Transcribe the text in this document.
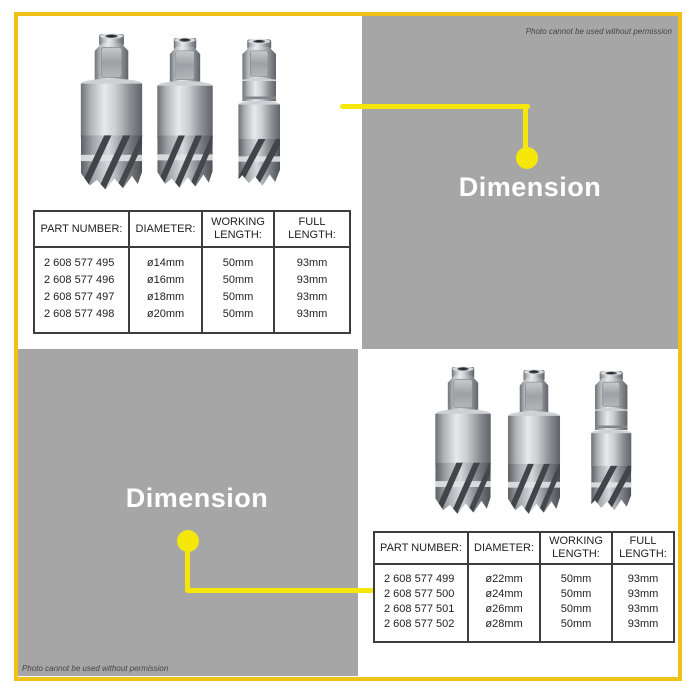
Photo cannot be used without permission
Photo cannot be used without permission
Dimension
Dimension
PART NUMBER:	DIAMETER:	WORKING LENGTH:	FULL LENGTH:
2 608 577 495	ø14mm	50mm	93mm
2 608 577 496	ø16mm	50mm	93mm
2 608 577 497	ø18mm	50mm	93mm
2 608 577 498	ø20mm	50mm	93mm
PART NUMBER:	DIAMETER:	WORKING LENGTH:	FULL LENGTH:
2 608 577 499	ø22mm	50mm	93mm
2 608 577 500	ø24mm	50mm	93mm
2 608 577 501	ø26mm	50mm	93mm
2 608 577 502	ø28mm	50mm	93mm
